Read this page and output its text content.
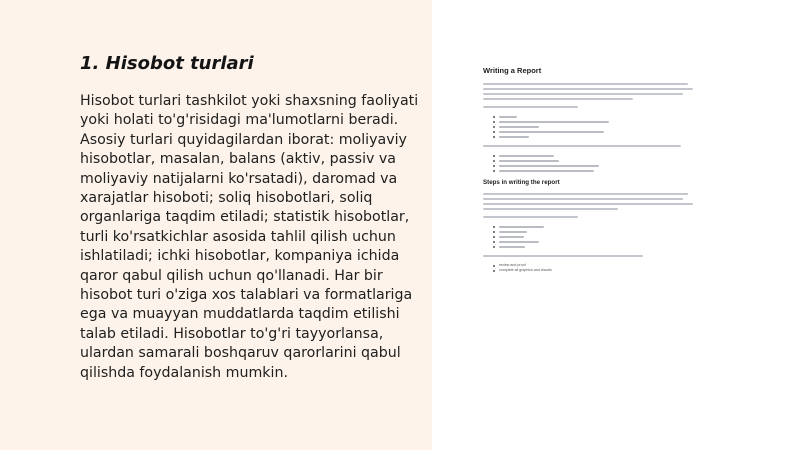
1. Hisobot turlari

Hisobot turlari tashkilot yoki shaxsning faoliyati yoki holati to'g'risidagi ma'lumotlarni beradi. Asosiy turlari quyidagilardan iborat: moliyaviy hisobotlar, masalan, balans (aktiv, passiv va moliyaviy natijalarni ko'rsatadi), daromad va xarajatlar hisoboti; soliq hisobotlari, soliq organlariga taqdim etiladi; statistik hisobotlar, turli ko'rsatkichlar asosida tahlil qilish uchun ishlatiladi; ichki hisobotlar, kompaniya ichida qaror qabul qilish uchun qo'llanadi. Har bir hisobot turi o'ziga xos talablari va formatlariga ega va muayyan muddatlarda taqdim etilishi talab etiladi. Hisobotlar to'g'ri tayyorlansa, ulardan samarali boshqaruv qarorlarini qabul qilishda foydalanish mumkin.

Writing a Report
Steps in writing the report
review and proof
complete all graphics and visuals
